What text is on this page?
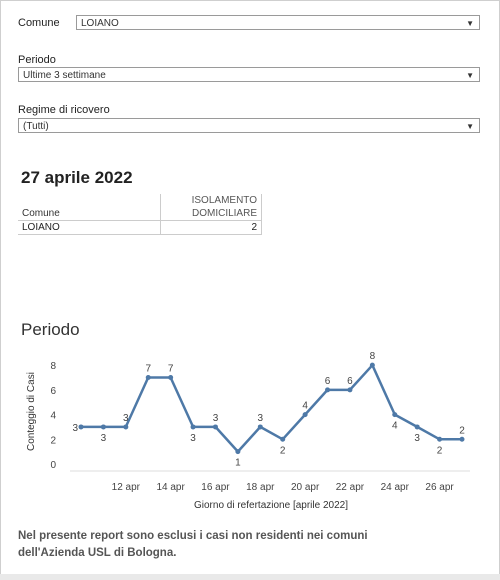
Comune	LOIANO	▼
Periodo
Ultime 3 settimane	▼
Regime di ricovero
(Tutti)	▼
27 aprile 2022
	ISOLAMENTO
Comune	DOMICILIARE
LOIANO	2
Periodo
Conteggio di Casi
Giorno di refertazione [aprile 2022]
0
2
4
6
8
12 apr 14 apr 16 apr 18 apr 20 apr 22 apr 24 apr 26 apr
3
3
3
7 7
3
3
1
3
2
4
6 6
8
4
3
2
2
Nel presente report sono esclusi i casi non residenti nei comuni
dell'Azienda USL di Bologna.
